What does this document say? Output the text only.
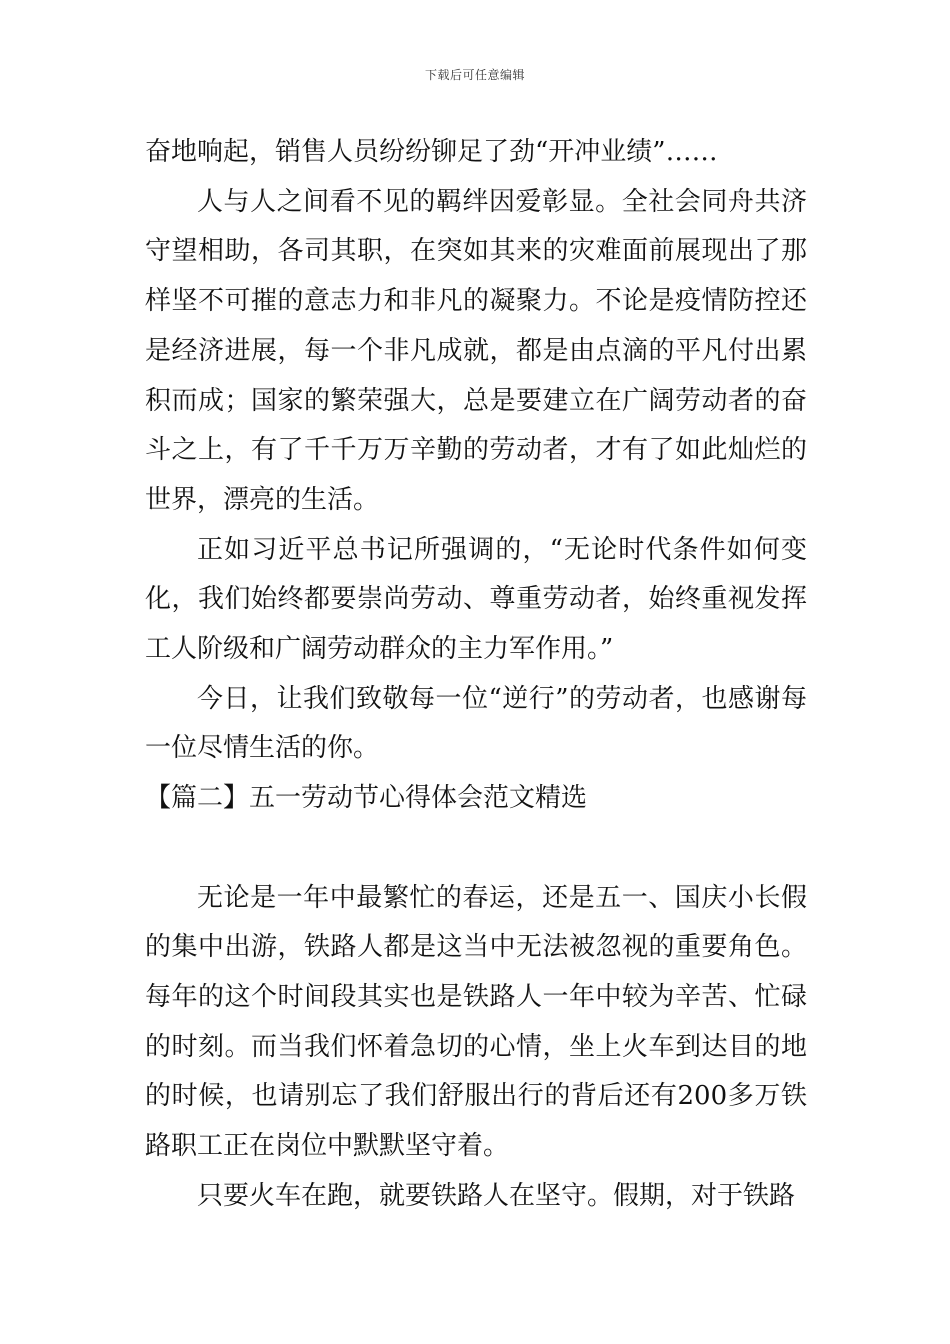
下载后可任意编辑

奋地响起，销售人员纷纷铆足了劲“开冲业绩”……

人与人之间看不见的羁绊因爱彰显。全社会同舟共济守望相助，各司其职，在突如其来的灾难面前展现出了那样坚不可摧的意志力和非凡的凝聚力。不论是疫情防控还是经济进展，每一个非凡成就，都是由点滴的平凡付出累积而成；国家的繁荣强大，总是要建立在广阔劳动者的奋斗之上，有了千千万万辛勤的劳动者，才有了如此灿烂的世界，漂亮的生活。

正如习近平总书记所强调的，“无论时代条件如何变化，我们始终都要崇尚劳动、尊重劳动者，始终重视发挥工人阶级和广阔劳动群众的主力军作用。”

今日，让我们致敬每一位“逆行”的劳动者，也感谢每一位尽情生活的你。

【篇二】五一劳动节心得体会范文精选

无论是一年中最繁忙的春运，还是五一、国庆小长假的集中出游，铁路人都是这当中无法被忽视的重要角色。每年的这个时间段其实也是铁路人一年中较为辛苦、忙碌的时刻。而当我们怀着急切的心情，坐上火车到达目的地的时候，也请别忘了我们舒服出行的背后还有200多万铁路职工正在岗位中默默坚守着。

只要火车在跑，就要铁路人在坚守。假期，对于铁路
